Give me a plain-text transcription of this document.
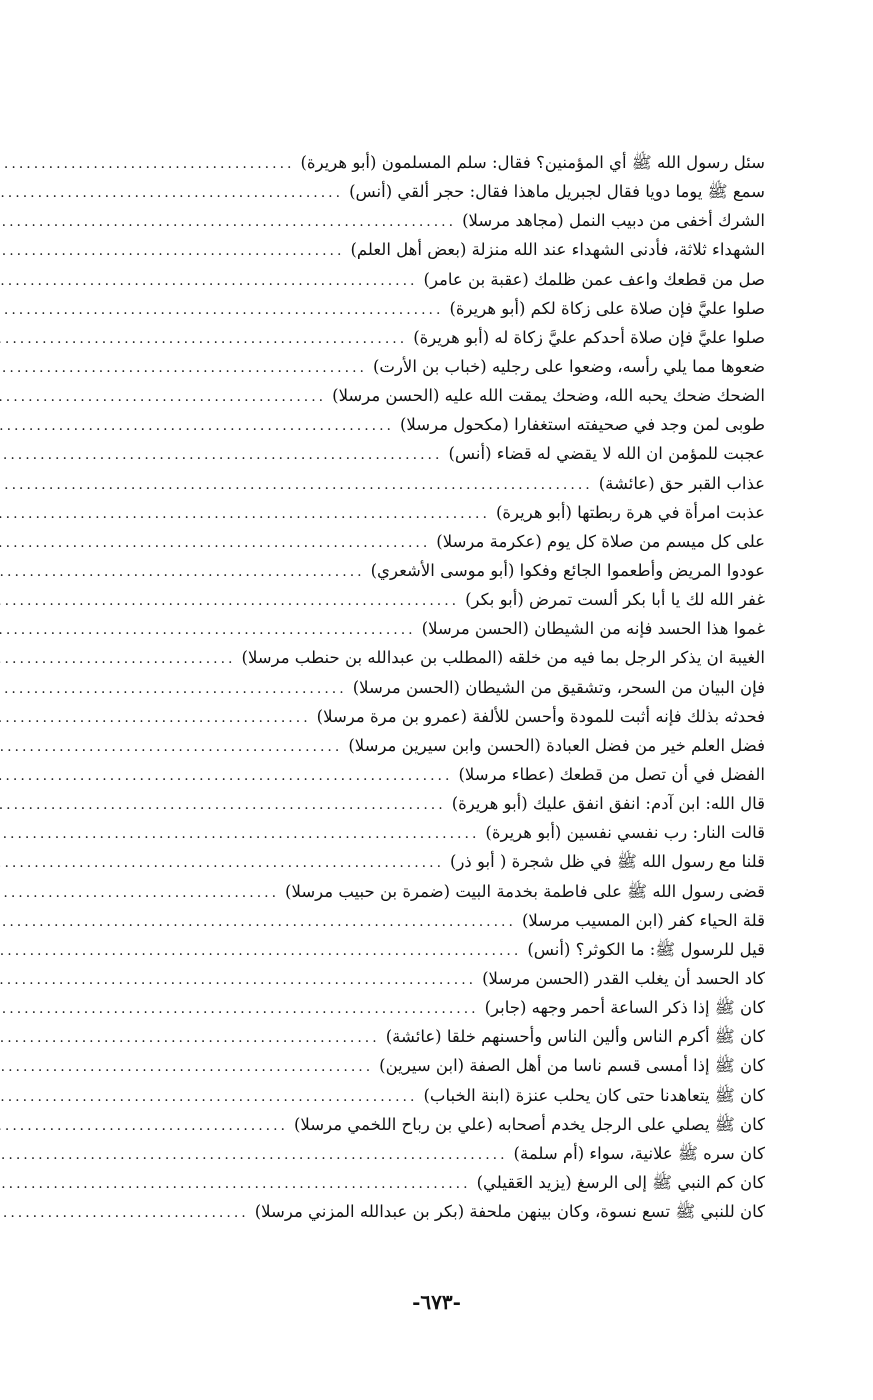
سئل رسول الله ﷺ أي المؤمنين؟ فقال: سلم المسلمون (أبو هريرة)
.....
سمع ﷺ يوما دويا فقال لجبريل ماهذا فقال: حجر ألقي (أنس)
.....
الشرك أخفى من دبيب النمل (مجاهد مرسلا)
.....
الشهداء ثلاثة، فأدنى الشهداء عند الله منزلة (بعض أهل العلم)
.....
صل من قطعك واعف عمن ظلمك (عقبة بن عامر)
.....
صلوا عليَّ فإن صلاة على زكاة لكم (أبو هريرة)
.....
صلوا عليَّ فإن صلاة أحدكم عليَّ زكاة له (أبو هريرة)
.....
ضعوها مما يلي رأسه، وضعوا على رجليه (خباب بن الأرت)
.....
الضحك ضحك يحبه الله، وضحك يمقت الله عليه (الحسن مرسلا)
.....
طوبى لمن وجد في صحيفته استغفارا (مكحول مرسلا)
.....
عجبت للمؤمن ان الله لا يقضي له قضاء (أنس)
.....
عذاب القبر حق (عائشة)
.....
عذبت امرأة في هرة ربطتها (أبو هريرة)
.....
على كل ميسم من صلاة كل يوم (عكرمة مرسلا)
.....
عودوا المريض وأطعموا الجائع وفكوا (أبو موسى الأشعري)
.....
غفر الله لك يا أبا بكر ألست تمرض (أبو بكر)
.....
غموا هذا الحسد فإنه من الشيطان (الحسن مرسلا)
.....
الغيبة ان يذكر الرجل بما فيه من خلقه (المطلب بن عبدالله بن حنطب مرسلا)
.....
فإن البيان من السحر، وتشقيق من الشيطان (الحسن مرسلا)
.....
فحدثه بذلك فإنه أثبت للمودة وأحسن للألفة (عمرو بن مرة مرسلا)
.....
فضل العلم خير من فضل العبادة (الحسن وابن سيرين مرسلا)
.....
الفضل في أن تصل من قطعك (عطاء مرسلا)
.....
قال الله: ابن آدم: انفق انفق عليك (أبو هريرة)
.....
قالت النار: رب نفسي نفسين (أبو هريرة)
.....
قلنا مع رسول الله ﷺ في ظل شجرة ( أبو ذر)
.....
قضى رسول الله ﷺ على فاطمة بخدمة البيت (ضمرة بن حبيب مرسلا)
.....
قلة الحياء كفر (ابن المسيب مرسلا)
.....
قيل للرسول ﷺ: ما الكوثر؟ (أنس)
.....
كاد الحسد أن يغلب القدر (الحسن مرسلا)
.....
كان ﷺ إذا ذكر الساعة أحمر وجهه (جابر)
.....
كان ﷺ أكرم الناس وألين الناس وأحسنهم خلقا (عائشة)
.....
كان ﷺ إذا أمسى قسم ناسا من أهل الصفة (ابن سيرين)
.....
كان ﷺ يتعاهدنا حتى كان يحلب عنزة (ابنة الخباب)
.....
كان ﷺ يصلي على الرجل يخدم أصحابه (علي بن رباح اللخمي مرسلا)
.....
كان سره ﷺ علانية، سواء (أم سلمة)
.....
كان كم النبي ﷺ إلى الرسغ (يزيد العَقيلي)
.....
كان للنبي ﷺ تسع نسوة، وكان بينهن ملحفة (بكر بن عبدالله المزني مرسلا)
.....
-٦٧٣-
